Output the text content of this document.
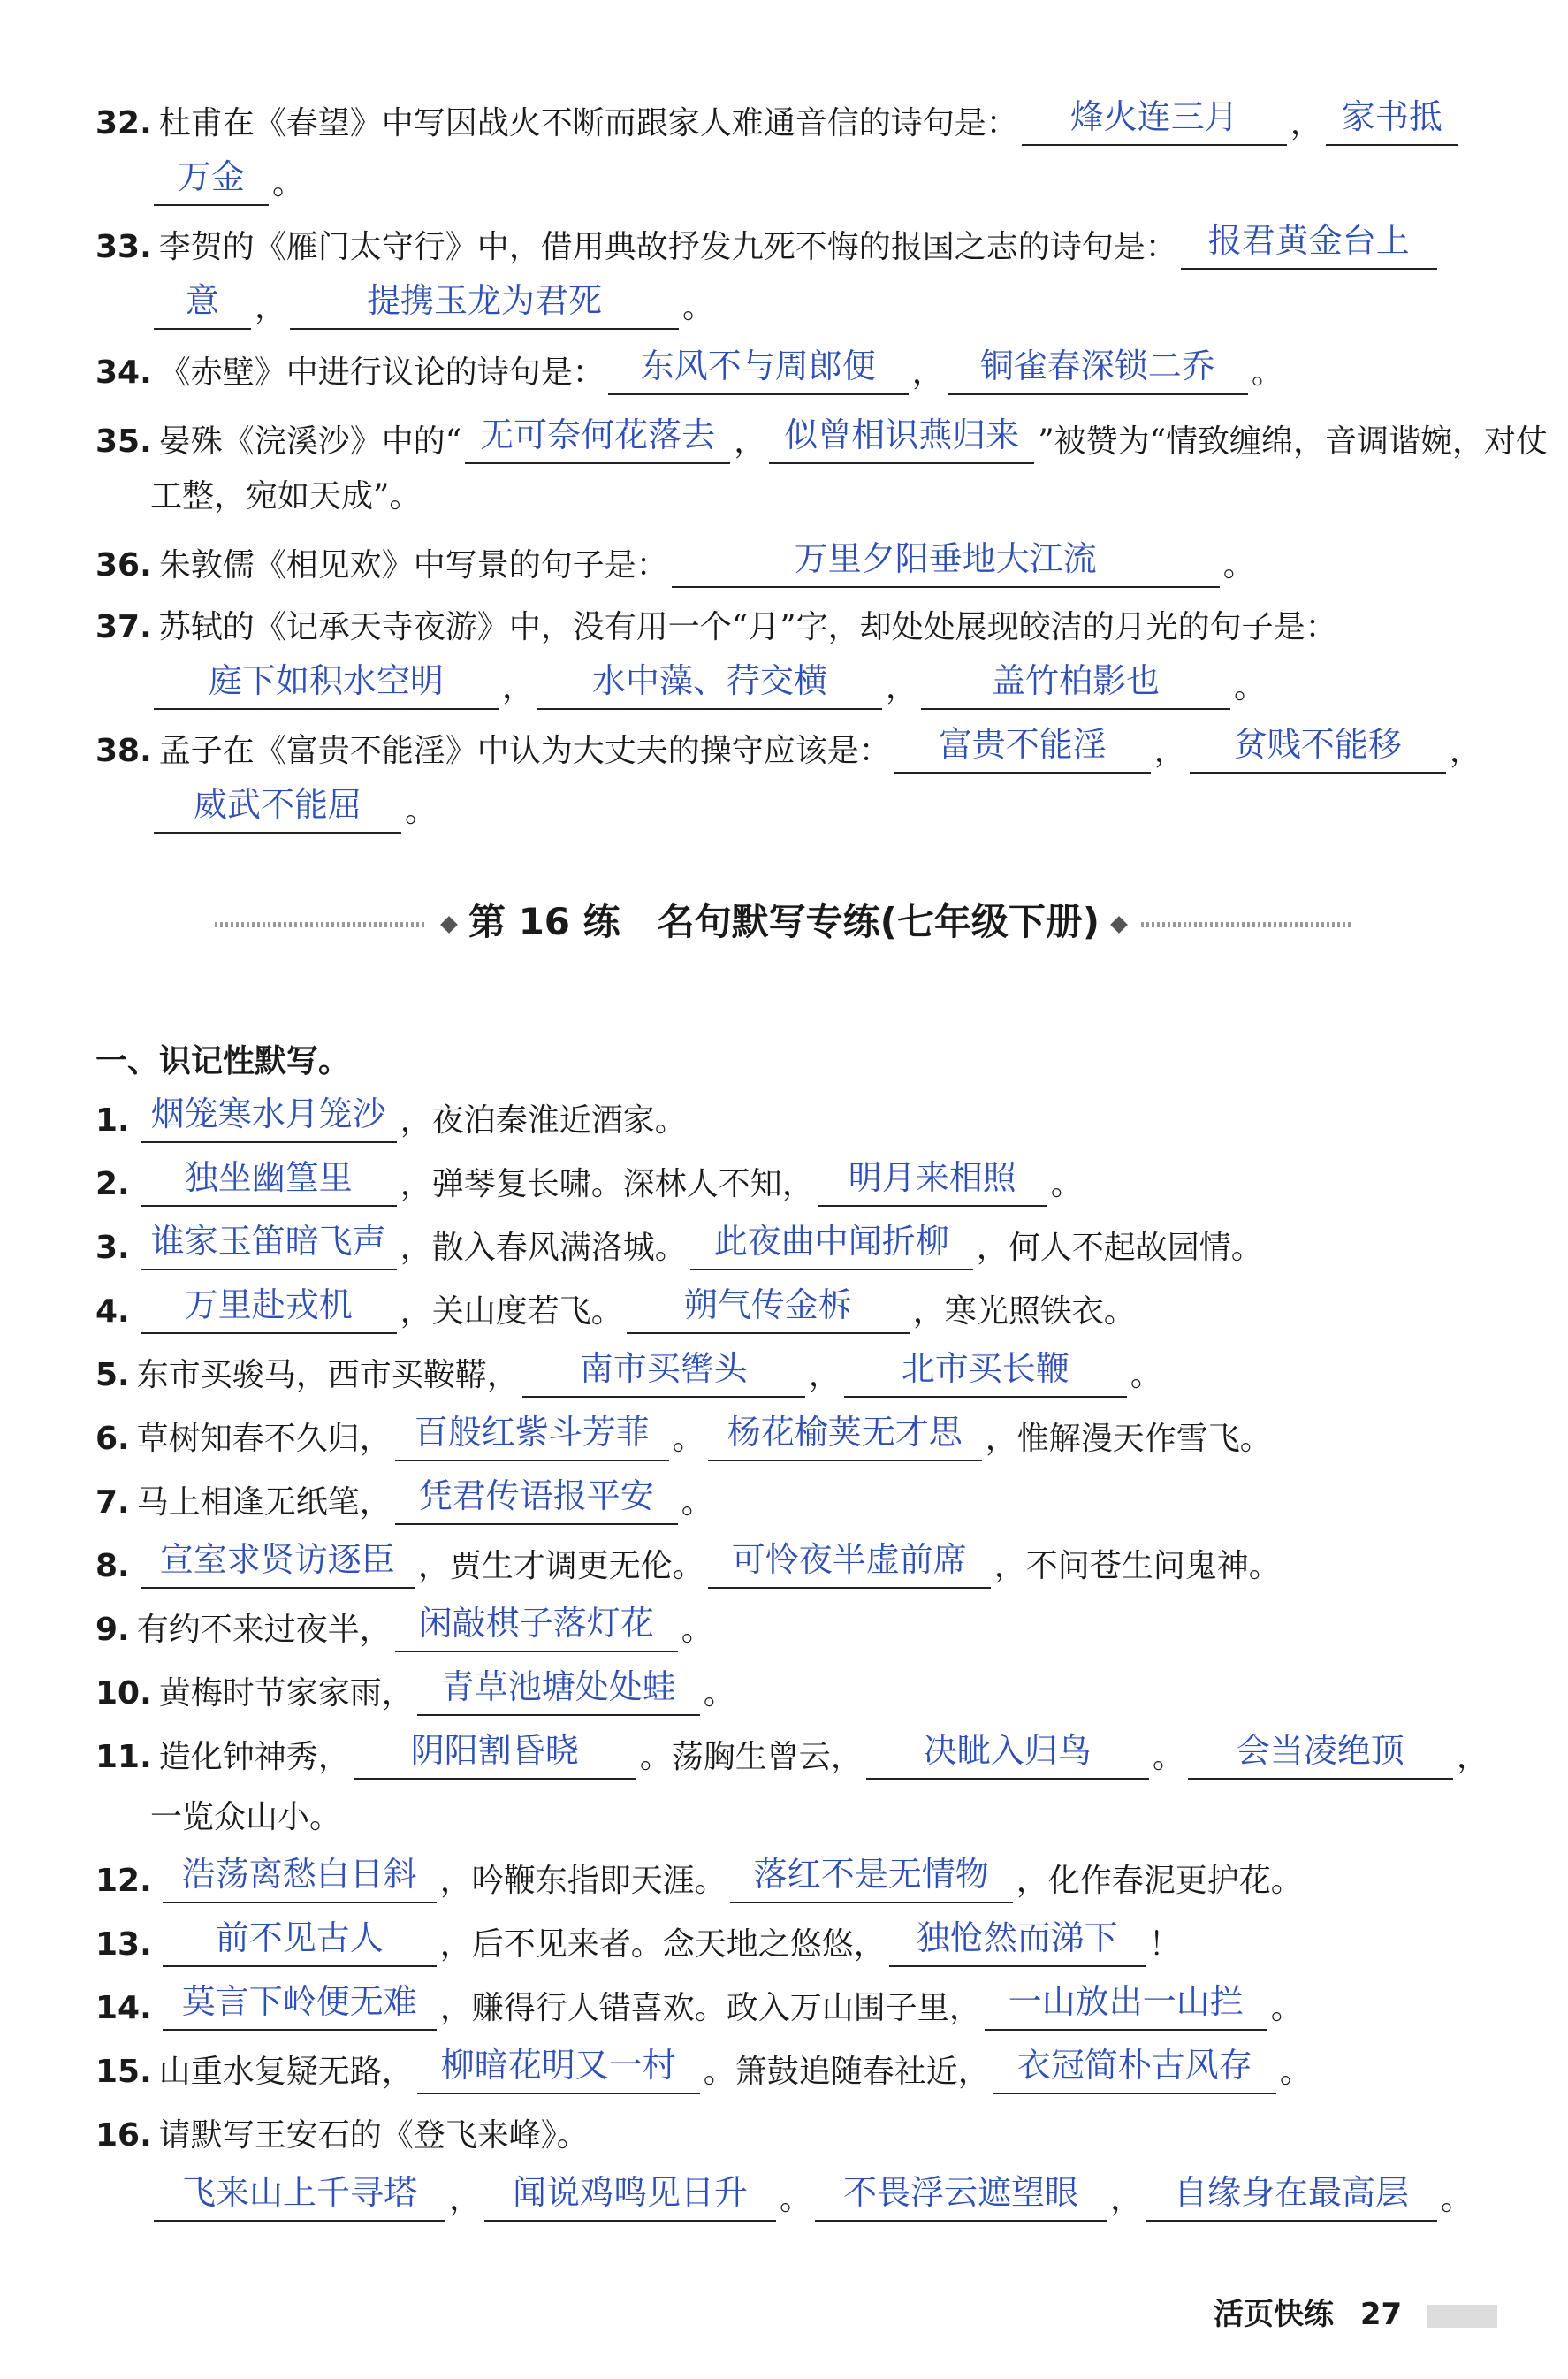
32. 杜甫在《春望》中写因战火不断而跟家人难通音信的诗句是： 烽火连三月 ， 家书抵
万金 。
33. 李贺的《雁门太守行》中，借用典故抒发九死不悔的报国之志的诗句是： 报君黄金台上
意 ， 提携玉龙为君死	。
34. 《赤壁》中进行议论的诗句是： 东风不与周郎便 ， 铜雀春深锁二乔 。
35. 晏殊《浣溪沙》中的“ 无可奈何花落去 ， 似曾相识燕归来 ”被赞为“情致缠绵，音调谐婉，对仗
工整，宛如天成”。
36. 朱敦儒《相见欢》中写景的句子是：	万里夕阳垂地大江流	。
37. 苏轼的《记承天寺夜游》中，没有用一个“月”字，却处处展现皎洁的月光的句子是：
庭下如积水空明 ， 水中藻、荇交横 ， 盖竹柏影也 。
38. 孟子在《富贵不能淫》中认为大丈夫的操守应该是： 富贵不能淫 ， 贫贱不能移 ，
威武不能屈 。
第 16 练　名句默写专练(七年级下册)
一、识记性默写。
1. 烟笼寒水月笼沙 ，夜泊秦淮近酒家。
2. 独坐幽篁里 ，弹琴复长啸。深林人不知， 明月来相照 。
3. 谁家玉笛暗飞声 ，散入春风满洛城。 此夜曲中闻折柳 ，何人不起故园情。
4. 万里赴戎机 ，关山度若飞。 朔气传金柝 ，寒光照铁衣。
5. 东市买骏马，西市买鞍鞯， 南市买辔头 ， 北市买长鞭 。
6. 草树知春不久归， 百般红紫斗芳菲 。 杨花榆荚无才思 ，惟解漫天作雪飞。
7. 马上相逢无纸笔， 凭君传语报平安 。
8. 宣室求贤访逐臣 ，贾生才调更无伦。 可怜夜半虚前席 ，不问苍生问鬼神。
9. 有约不来过夜半， 闲敲棋子落灯花 。
10. 黄梅时节家家雨， 青草池塘处处蛙 。
11. 造化钟神秀， 阴阳割昏晓 。荡胸生曾云， 决眦入归鸟 。 会当凌绝顶 ，
一览众山小。
12. 浩荡离愁白日斜 ，吟鞭东指即天涯。 落红不是无情物 ，化作春泥更护花。
13. 前不见古人 ，后不见来者。念天地之悠悠， 独怆然而涕下 ！
14. 莫言下岭便无难 ，赚得行人错喜欢。政入万山围子里， 一山放出一山拦 。
15. 山重水复疑无路， 柳暗花明又一村 。箫鼓追随春社近， 衣冠简朴古风存 。
16. 请默写王安石的《登飞来峰》。
飞来山上千寻塔 ， 闻说鸡鸣见日升 。 不畏浮云遮望眼 ， 自缘身在最高层 。
活页快练 27
